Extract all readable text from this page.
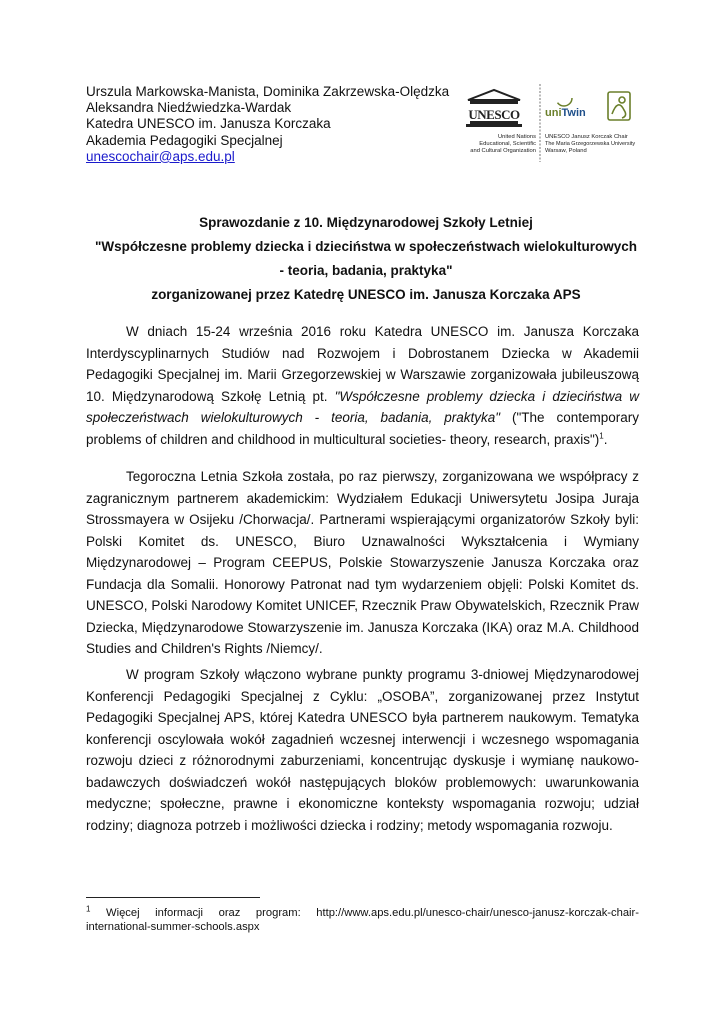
Urszula Markowska-Manista, Dominika Zakrzewska-Olędzka
Aleksandra Niedźwiedzka-Wardak
Katedra UNESCO im. Janusza Korczaka
Akademia Pedagogiki Specjalnej
unescochair@aps.edu.pl
UNESCO
United Nations
Educational, Scientific
and Cultural Organization
uniTwin
UNESCO Janusz Korczak Chair
The Maria Grzegorzewska University
Warsaw, Poland
Sprawozdanie z 10. Międzynarodowej Szkoły Letniej
"Współczesne problemy dziecka i dzieciństwa w społeczeństwach wielokulturowych
- teoria, badania, praktyka"
zorganizowanej przez Katedrę UNESCO im. Janusza Korczaka APS

W dniach 15-24 września 2016 roku Katedra UNESCO im. Janusza Korczaka Interdyscyplinarnych Studiów nad Rozwojem i Dobrostanem Dziecka w Akademii Pedagogiki Specjalnej im. Marii Grzegorzewskiej w Warszawie zorganizowała jubileuszową 10. Międzynarodową Szkołę Letnią pt. "Współczesne problemy dziecka i dzieciństwa w społeczeństwach wielokulturowych - teoria, badania, praktyka" ("The contemporary problems of children and childhood in multicultural societies- theory, research, praxis")$^1$.

Tegoroczna Letnia Szkoła została, po raz pierwszy, zorganizowana we współpracy z zagranicznym partnerem akademickim: Wydziałem Edukacji Uniwersytetu Josipa Juraja Strossmayera w Osijeku /Chorwacja/. Partnerami wspierającymi organizatorów Szkoły byli: Polski Komitet ds. UNESCO, Biuro Uznawalności Wykształcenia i Wymiany Międzynarodowej – Program CEEPUS, Polskie Stowarzyszenie Janusza Korczaka oraz Fundacja dla Somalii. Honorowy Patronat nad tym wydarzeniem objęli: Polski Komitet ds. UNESCO, Polski Narodowy Komitet UNICEF, Rzecznik Praw Obywatelskich, Rzecznik Praw Dziecka, Międzynarodowe Stowarzyszenie im. Janusza Korczaka (IKA) oraz M.A. Childhood Studies and Children's Rights /Niemcy/.

W program Szkoły włączono wybrane punkty programu 3-dniowej Międzynarodowej Konferencji Pedagogiki Specjalnej z Cyklu: „OSOBA”, zorganizowanej przez Instytut Pedagogiki Specjalnej APS, której Katedra UNESCO była partnerem naukowym. Tematyka konferencji oscylowała wokół zagadnień wczesnej interwencji i wczesnego wspomagania rozwoju dzieci z różnorodnymi zaburzeniami, koncentrując dyskusje i wymianę naukowo-badawczych doświadczeń wokół następujących bloków problemowych: uwarunkowania medyczne; społeczne, prawne i ekonomiczne konteksty wspomagania rozwoju; udział rodziny; diagnoza potrzeb i możliwości dziecka i rodziny; metody wspomagania rozwoju.

$^1$ Więcej informacji oraz program: http://www.aps.edu.pl/unesco-chair/unesco-janusz-korczak-chair-international-summer-schools.aspx
